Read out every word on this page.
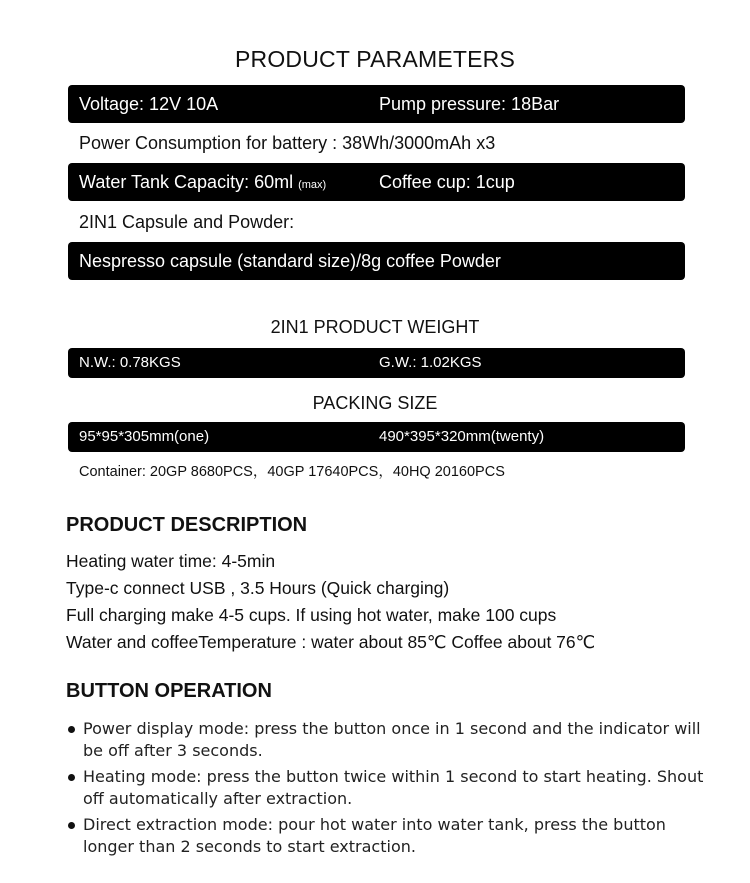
PRODUCT PARAMETERS
Voltage: 12V 10A	Pump pressure: 18Bar
Power Consumption for battery : 38Wh/3000mAh x3
Water Tank Capacity: 60ml (max)	Coffee cup: 1cup
2IN1 Capsule and Powder:
Nespresso capsule (standard size)/8g coffee Powder
2IN1 PRODUCT WEIGHT
N.W.: 0.78KGS	G.W.: 1.02KGS
PACKING SIZE
95*95*305mm(one)	490*395*320mm(twenty)
Container: 20GP 8680PCS，40GP 17640PCS，40HQ 20160PCS
PRODUCT DESCRIPTION
Heating water time: 4-5min
Type-c connect USB , 3.5 Hours (Quick charging)
Full charging make 4-5 cups. If using hot water, make 100 cups
Water and coffeeTemperature : water about 85℃ Coffee about 76℃
BUTTON OPERATION
Power display mode: press the button once in 1 second and the indicator will be off after 3 seconds.
Heating mode: press the button twice within 1 second to start heating. Shout off automatically after extraction.
Direct extraction mode: pour hot water into water tank, press the button longer than 2 seconds to start extraction.
